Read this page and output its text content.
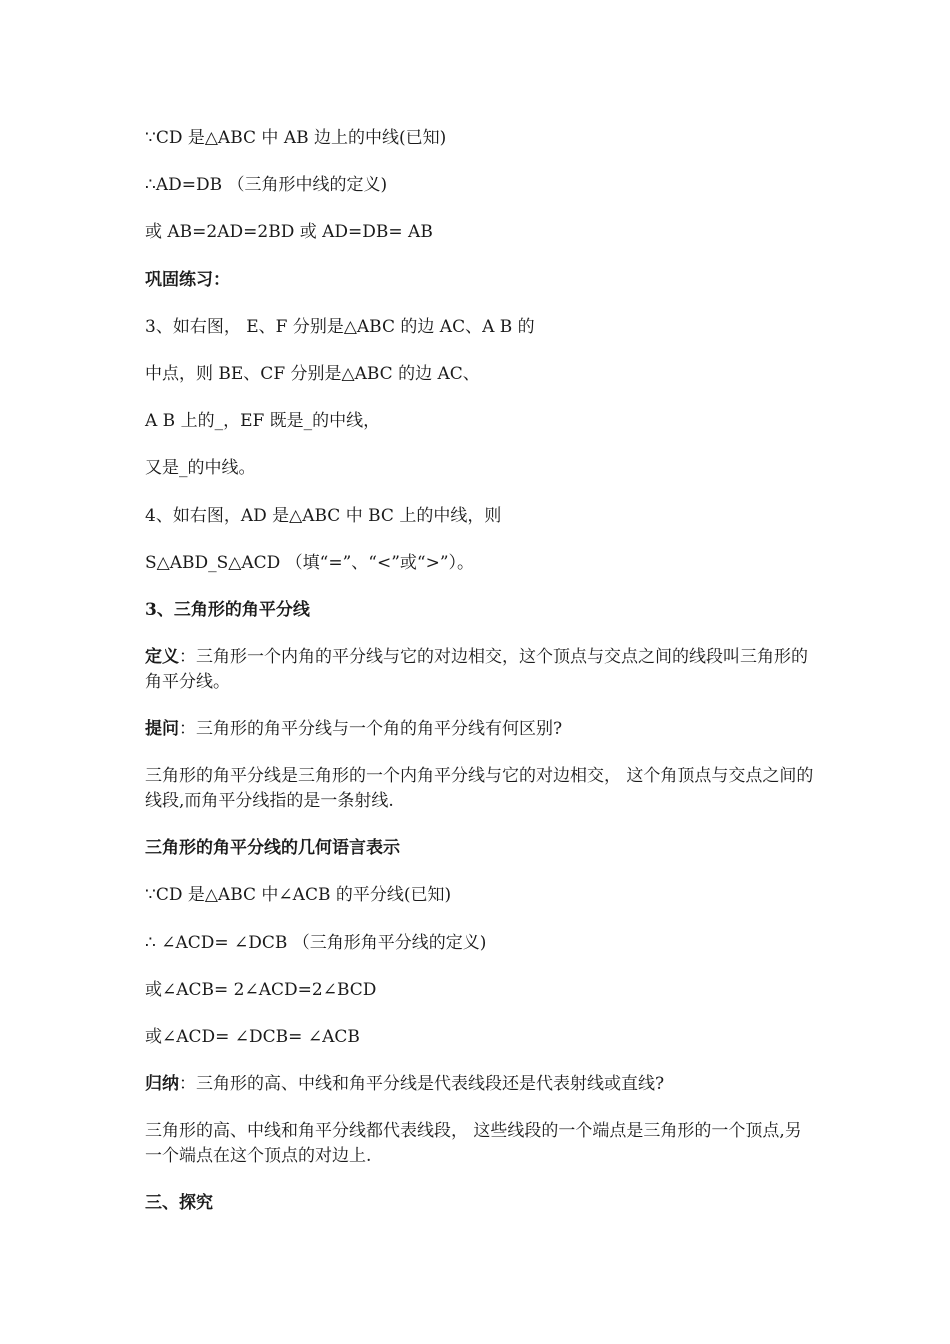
∵CD 是△ABC 中 AB 边上的中线(已知)
∴AD=DB （三角形中线的定义)
或 AB=2AD=2BD 或 AD=DB= AB
巩固练习：
3、如右图， E、F 分别是△ABC 的边 AC、A B 的
中点，则 BE、CF 分别是△ABC 的边 AC、
A B 上的_，EF 既是_的中线，
又是_的中线。
4、如右图，AD 是△ABC 中 BC 上的中线，则
S△ABD_S△ACD （填“=”、“<”或“>”）。
3、三角形的角平分线
定义：三角形一个内角的平分线与它的对边相交，这个顶点与交点之间的线段叫三角形的角平分线。
提问：三角形的角平分线与一个角的角平分线有何区别?
三角形的角平分线是三角形的一个内角平分线与它的对边相交， 这个角顶点与交点之间的线段,而角平分线指的是一条射线.
三角形的角平分线的几何语言表示
∵CD 是△ABC 中∠ACB 的平分线(已知)
∴ ∠ACD= ∠DCB （三角形角平分线的定义)
或∠ACB= 2∠ACD=2∠BCD
或∠ACD= ∠DCB= ∠ACB
归纳：三角形的高、中线和角平分线是代表线段还是代表射线或直线?
三角形的高、中线和角平分线都代表线段， 这些线段的一个端点是三角形的一个顶点,另一个端点在这个顶点的对边上.
三、探究
